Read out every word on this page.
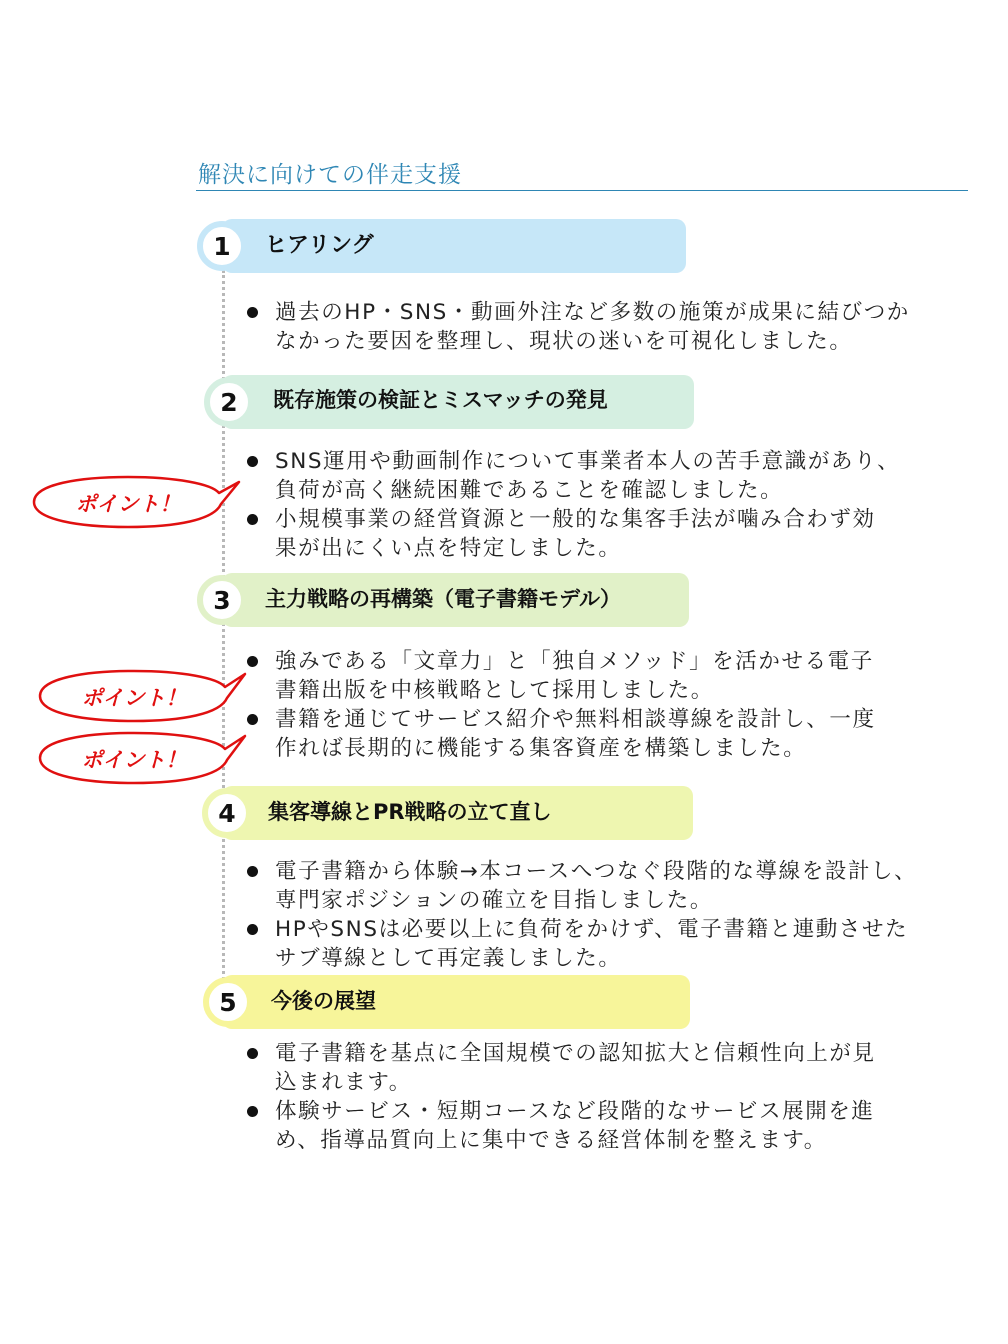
解決に向けての伴走支援
1	ヒアリング
過去のHP・SNS・動画外注など多数の施策が成果に結びつか
なかった要因を整理し、現状の迷いを可視化しました。
2	既存施策の検証とミスマッチの発見
SNS運用や動画制作について事業者本人の苦手意識があり、
負荷が高く継続困難であることを確認しました。
小規模事業の経営資源と一般的な集客手法が噛み合わず効
果が出にくい点を特定しました。
3	主力戦略の再構築（電子書籍モデル）
強みである「文章力」と「独自メソッド」を活かせる電子
書籍出版を中核戦略として採用しました。
書籍を通じてサービス紹介や無料相談導線を設計し、一度
作れば長期的に機能する集客資産を構築しました。
4	集客導線とPR戦略の立て直し
電子書籍から体験→本コースへつなぐ段階的な導線を設計し、
専門家ポジションの確立を目指しました。
HPやSNSは必要以上に負荷をかけず、電子書籍と連動させた
サブ導線として再定義しました。
5	今後の展望
電子書籍を基点に全国規模での認知拡大と信頼性向上が見
込まれます。
体験サービス・短期コースなど段階的なサービス展開を進
め、指導品質向上に集中できる経営体制を整えます。
ポイント！
ポイント！
ポイント！
